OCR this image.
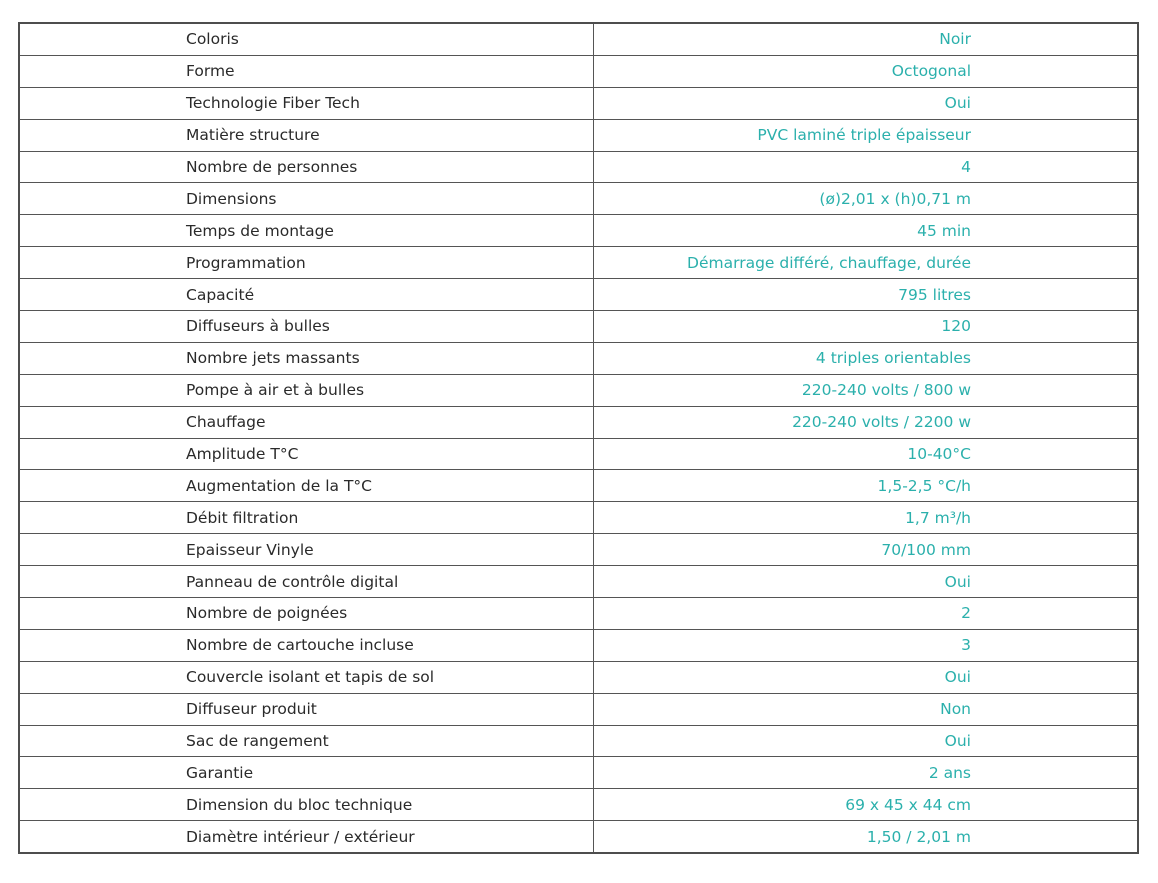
Coloris	Noir
Forme	Octogonal
Technologie Fiber Tech	Oui
Matière structure	PVC laminé triple épaisseur
Nombre de personnes	4
Dimensions	(ø)2,01 x (h)0,71 m
Temps de montage	45 min
Programmation	Démarrage différé, chauffage, durée
Capacité	795 litres
Diffuseurs à bulles	120
Nombre jets massants	4 triples orientables
Pompe à air et à bulles	220-240 volts / 800 w
Chauffage	220-240 volts / 2200 w
Amplitude T°C	10-40°C
Augmentation de la T°C	1,5-2,5 °C/h
Débit filtration	1,7 m³/h
Epaisseur Vinyle	70/100 mm
Panneau de contrôle digital	Oui
Nombre de poignées	2
Nombre de cartouche incluse	3
Couvercle isolant et tapis de sol	Oui
Diffuseur produit	Non
Sac de rangement	Oui
Garantie	2 ans
Dimension du bloc technique	69 x 45 x 44 cm
Diamètre intérieur / extérieur	1,50 / 2,01 m
